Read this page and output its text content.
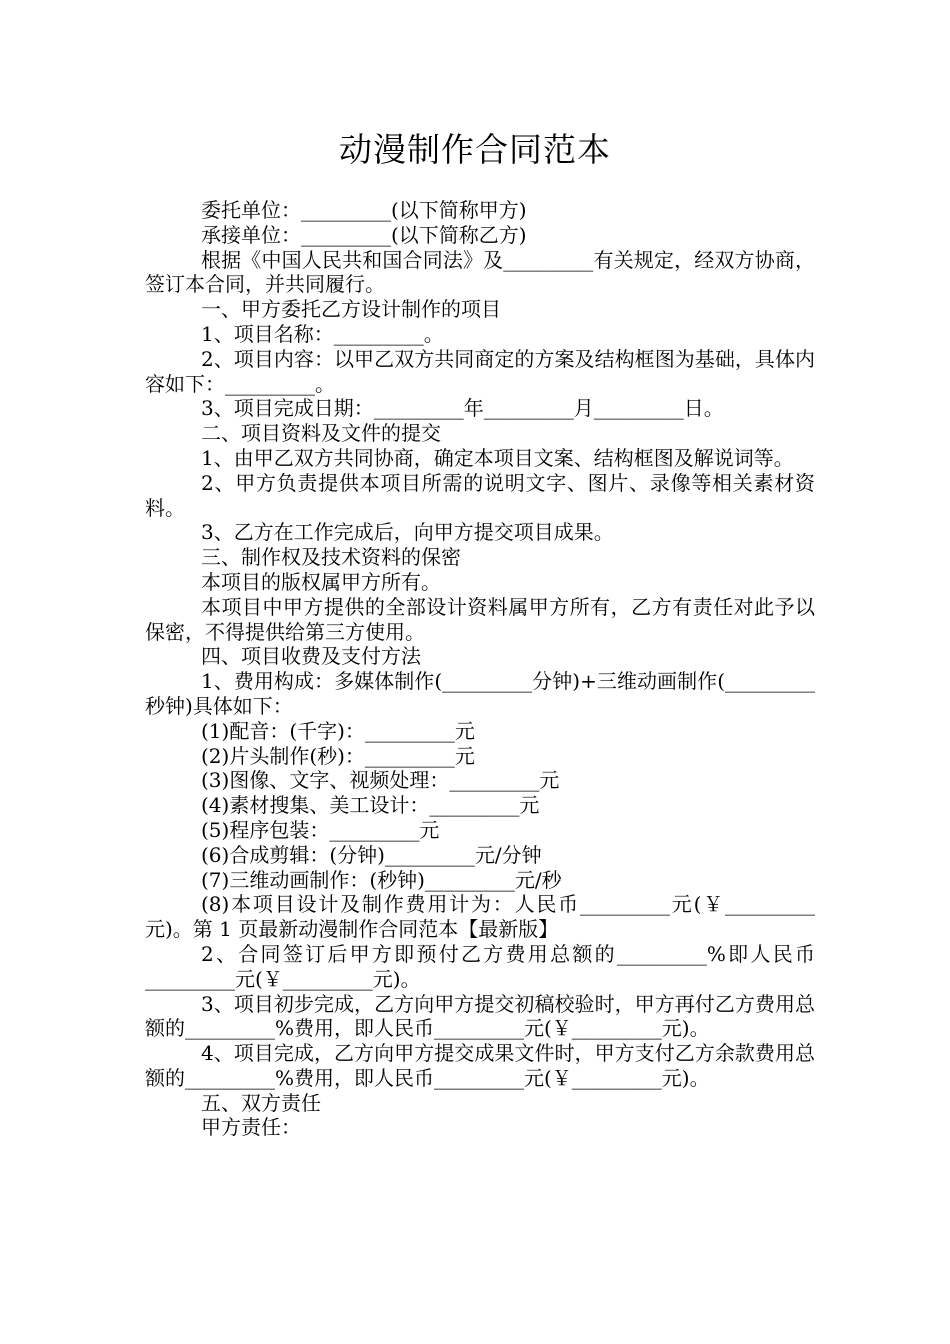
动漫制作合同范本

委托单位：_________(以下简称甲方)

承接单位：_________(以下简称乙方)

根据《中国人民共和国合同法》及_________有关规定，经双方协商，签订本合同，并共同履行。

一、甲方委托乙方设计制作的项目

1、项目名称：_________。

2、项目内容：以甲乙双方共同商定的方案及结构框图为基础，具体内容如下：_________。

3、项目完成日期：_________年_________月_________日。

二、项目资料及文件的提交

1、由甲乙双方共同协商，确定本项目文案、结构框图及解说词等。

2、甲方负责提供本项目所需的说明文字、图片、录像等相关素材资料。

3、乙方在工作完成后，向甲方提交项目成果。

三、制作权及技术资料的保密

本项目的版权属甲方所有。

本项目中甲方提供的全部设计资料属甲方所有，乙方有责任对此予以保密，不得提供给第三方使用。

四、项目收费及支付方法

1、费用构成：多媒体制作(_________分钟)+三维动画制作(_________秒钟)具体如下：

(1)配音：(千字)：_________元

(2)片头制作(秒)：_________元

(3)图像、文字、视频处理：_________元

(4)素材搜集、美工设计：_________元

(5)程序包装：_________元

(6)合成剪辑：(分钟)_________元/分钟

(7)三维动画制作：(秒钟)_________元/秒

(8)本项目设计及制作费用计为：人民币_________元(￥_________元)。第 1 页最新动漫制作合同范本【最新版】

2、合同签订后甲方即预付乙方费用总额的_________%即人民币_________元(￥_________元)。

3、项目初步完成，乙方向甲方提交初稿校验时，甲方再付乙方费用总额的_________%费用，即人民币_________元(￥_________元)。

4、项目完成，乙方向甲方提交成果文件时，甲方支付乙方余款费用总额的_________%费用，即人民币_________元(￥_________元)。

五、双方责任

甲方责任：
